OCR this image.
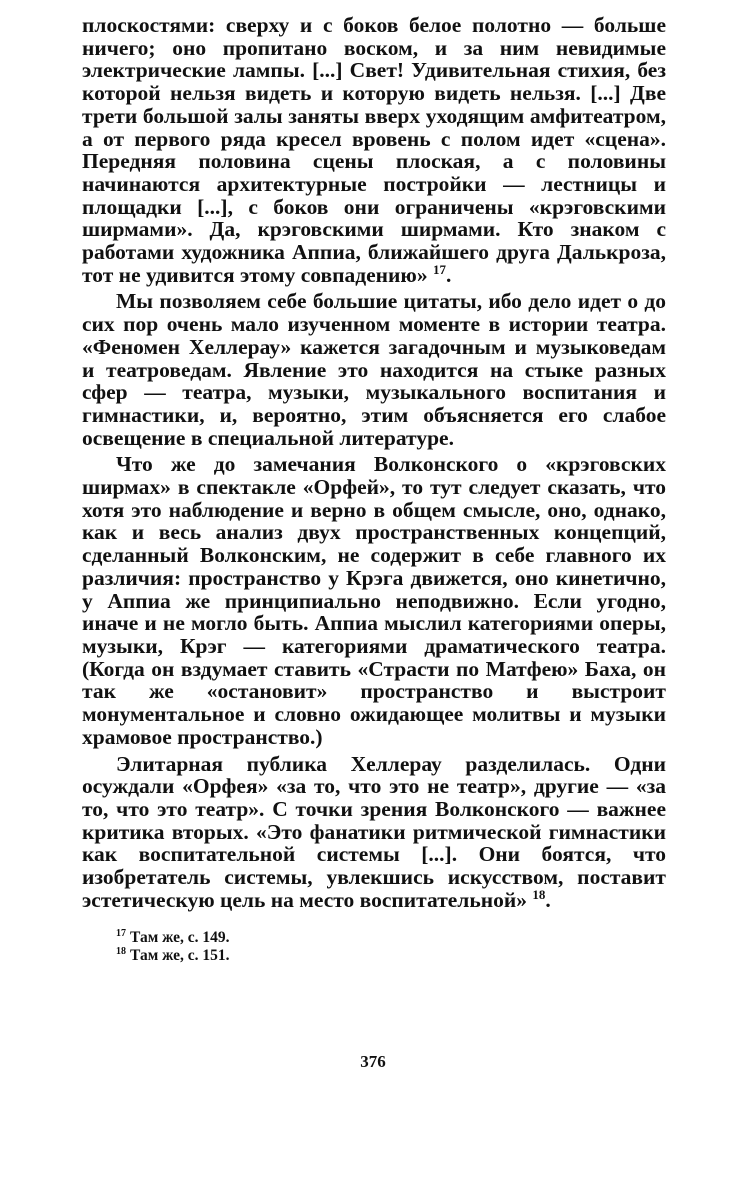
плоскостями: сверху и с боков белое полотно — больше ничего; оно пропитано воском, и за ним невидимые электрические лампы. [...] Свет! Удивительная стихия, без которой нельзя видеть и которую видеть нельзя. [...] Две трети большой залы заняты вверх уходящим амфитеатром, а от первого ряда кресел вровень с полом идет «сцена». Передняя половина сцены плоская, а с половины начинаются архитектурные постройки — лестницы и площадки [...], с боков они ограничены «крэговскими ширмами». Да, крэговскими ширмами. Кто знаком с работами художника Аппиа, ближайшего друга Далькроза, тот не удивится этому совпадению» $^{17}$.

Мы позволяем себе большие цитаты, ибо дело идет о до сих пор очень мало изученном моменте в истории театра. «Феномен Хеллерау» кажется загадочным и музыковедам и театроведам. Явление это находится на стыке разных сфер — театра, музыки, музыкального воспитания и гимнастики, и, вероятно, этим объясняется его слабое освещение в специальной литературе.

Что же до замечания Волконского о «крэговских ширмах» в спектакле «Орфей», то тут следует сказать, что хотя это наблюдение и верно в общем смысле, оно, однако, как и весь анализ двух пространственных концепций, сделанный Волконским, не содержит в себе главного их различия: пространство у Крэга движется, оно кинетично, у Аппиа же принципиально неподвижно. Если угодно, иначе и не могло быть. Аппиа мыслил категориями оперы, музыки, Крэг — категориями драматического театра. (Когда он вздумает ставить «Страсти по Матфею» Баха, он так же «остановит» пространство и выстроит монументальное и словно ожидающее молитвы и музыки храмовое пространство.)

Элитарная публика Хеллерау разделилась. Одни осуждали «Орфея» «за то, что это не театр», другие — «за то, что это театр». С точки зрения Волконского — важнее критика вторых. «Это фанатики ритмической гимнастики как воспитательной системы [...]. Они боятся, что изобретатель системы, увлекшись искусством, поставит эстетическую цель на место воспитательной» $^{18}$.

$^{17}$ Там же, с. 149.

$^{18}$ Там же, с. 151.

376
